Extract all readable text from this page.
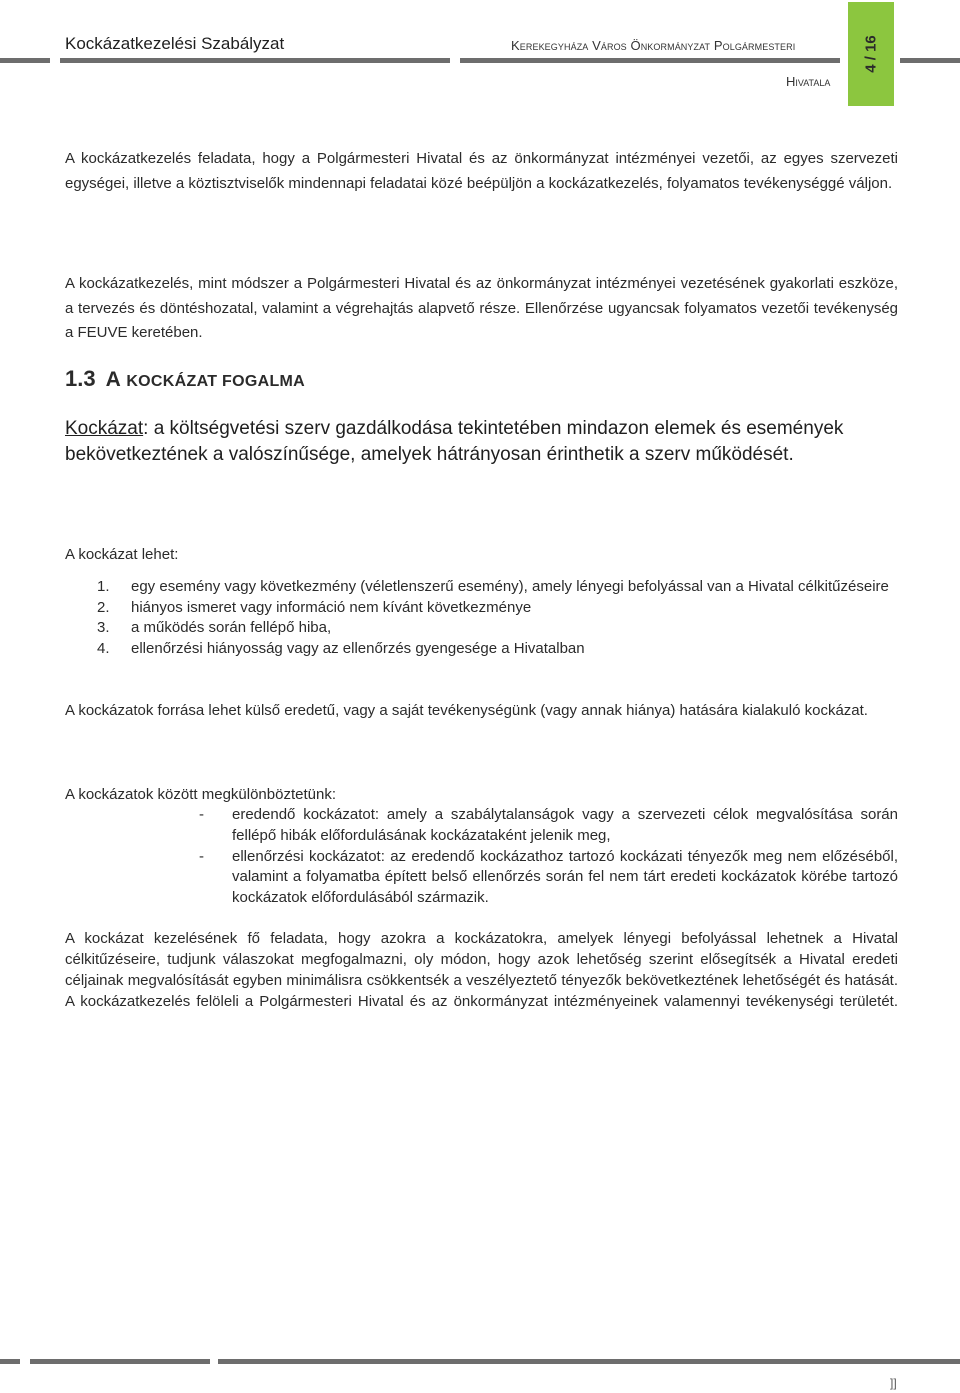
Kockázatkezelési Szabályzat	Kerekegyháza Város Önkormányzat Polgármesteri
Hivatala
4 / 16
A kockázatkezelés feladata, hogy a Polgármesteri Hivatal és az önkormányzat intézményei vezetői, az egyes szervezeti egységei, illetve a köztisztviselők mindennapi feladatai közé beépüljön a kockázatkezelés, folyamatos tevékenységgé váljon.
A kockázatkezelés, mint módszer a Polgármesteri Hivatal és az önkormányzat intézményei vezetésének gyakorlati eszköze, a tervezés és döntéshozatal, valamint a végrehajtás alapvető része. Ellenőrzése ugyancsak folyamatos vezetői tevékenység a FEUVE keretében.
1.3 A KOCKÁZAT FOGALMA
Kockázat: a költségvetési szerv gazdálkodása tekintetében mindazon elemek és események bekövetkeztének a valószínűsége, amelyek hátrányosan érinthetik a szerv működését.
A kockázat lehet:
1. egy esemény vagy következmény (véletlenszerű esemény), amely lényegi befolyással van a Hivatal célkitűzéseire
2. hiányos ismeret vagy információ nem kívánt következménye
3. a működés során fellépő hiba,
4. ellenőrzési hiányosság vagy az ellenőrzés gyengesége a Hivatalban
A kockázatok forrása lehet külső eredetű, vagy a saját tevékenységünk (vagy annak hiánya) hatására kialakuló kockázat.
A kockázatok között megkülönböztetünk:
- eredendő kockázatot: amely a szabálytalanságok vagy a szervezeti célok megvalósítása során fellépő hibák előfordulásának kockázataként jelenik meg,
- ellenőrzési kockázatot: az eredendő kockázathoz tartozó kockázati tényezők meg nem előzéséből, valamint a folyamatba épített belső ellenőrzés során fel nem tárt eredeti kockázatok körébe tartozó kockázatok előfordulásából származik.
A kockázat kezelésének fő feladata, hogy azokra a kockázatokra, amelyek lényegi befolyással lehetnek a Hivatal célkitűzéseire, tudjunk válaszokat megfogalmazni, oly módon, hogy azok lehetőség szerint elősegítsék a Hivatal eredeti céljainak megvalósítását egyben minimálisra csökkentsék a veszélyeztető tényezők bekövetkeztének lehetőségét és hatását. A kockázatkezelés felöleli a Polgármesteri Hivatal és az önkormányzat intézményeinek valamennyi tevékenységi területét.
]]
